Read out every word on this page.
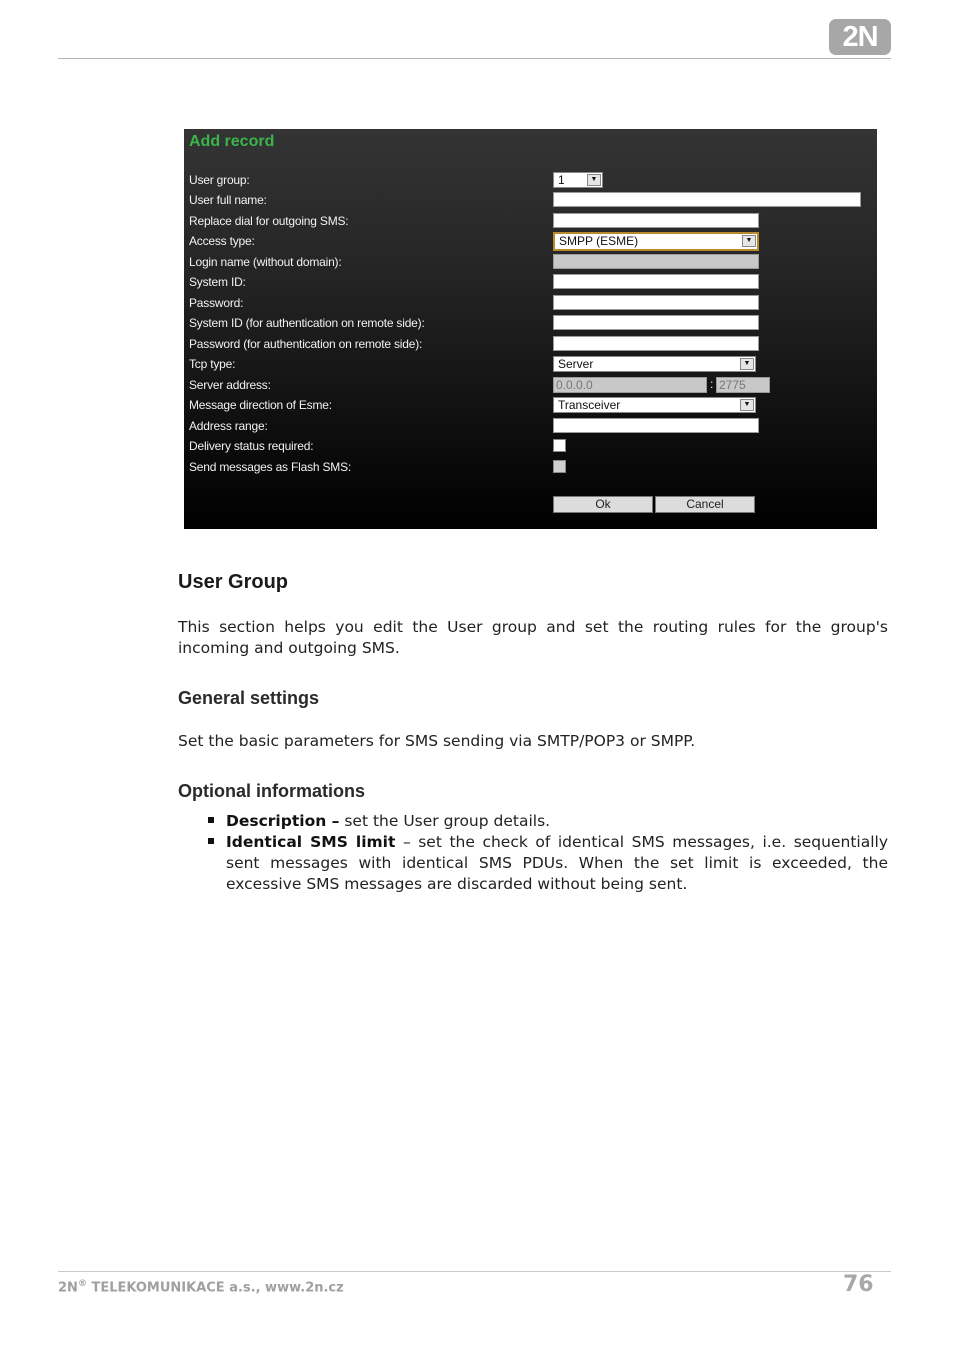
2N
Add record
User group:	1	▼
User full name:
Replace dial for outgoing SMS:
Access type:	SMPP (ESME)	▼
Login name (without domain):
System ID:
Password:
System ID (for authentication on remote side):
Password (for authentication on remote side):
Tcp type:	Server	▼
Server address:	0.0.0.0	: 2775
Message direction of Esme:	Transceiver	▼
Address range:
Delivery status required:
Send messages as Flash SMS:
Ok	Cancel
User Group
This section helps you edit the User group and set the routing rules for the group's incoming and outgoing SMS.
General settings
Set the basic parameters for SMS sending via SMTP/POP3 or SMPP.
Optional informations
Description – set the User group details.
Identical SMS limit – set the check of identical SMS messages, i.e. sequentially sent messages with identical SMS PDUs. When the set limit is exceeded, the excessive SMS messages are discarded without being sent.
2N® TELEKOMUNIKACE a.s., www.2n.cz	76
